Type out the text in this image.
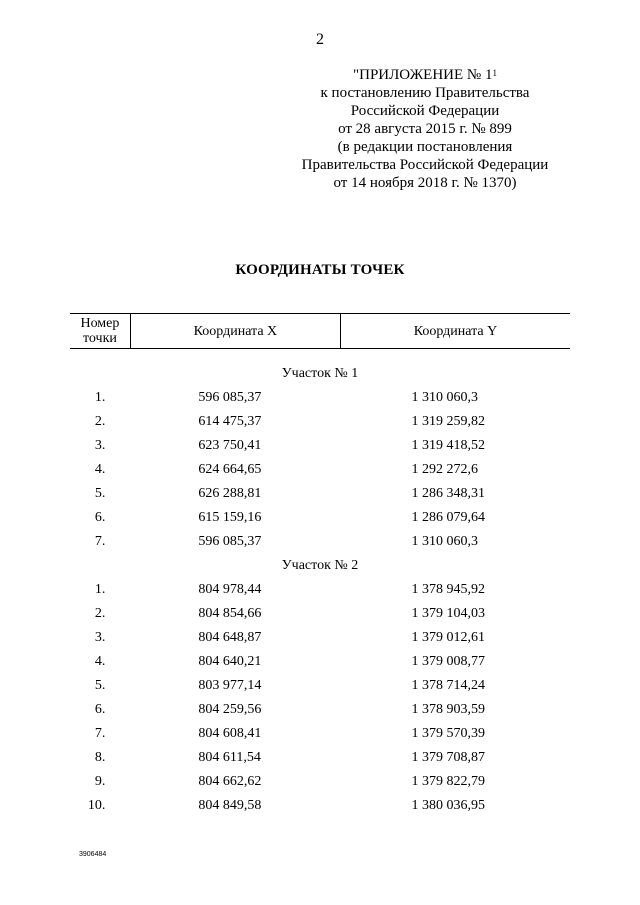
2
"ПРИЛОЖЕНИЕ № $1^1$
к постановлению Правительства
Российской Федерации
от 28 августа 2015 г. № 899
(в редакции постановления
Правительства Российской Федерации
от 14 ноября 2018 г. № 1370)
КООРДИНАТЫ ТОЧЕК
Номер
точки	Координата X	Координата Y

Участок № 1		
1.	596 085,37	1 310 060,3
2.	614 475,37	1 319 259,82
3.	623 750,41	1 319 418,52
4.	624 664,65	1 292 272,6
5.	626 288,81	1 286 348,31
6.	615 159,16	1 286 079,64
7.	596 085,37	1 310 060,3
Участок № 2		
1.	804 978,44	1 378 945,92
2.	804 854,66	1 379 104,03
3.	804 648,87	1 379 012,61
4.	804 640,21	1 379 008,77
5.	803 977,14	1 378 714,24
6.	804 259,56	1 378 903,59
7.	804 608,41	1 379 570,39
8.	804 611,54	1 379 708,87
9.	804 662,62	1 379 822,79
10.	804 849,58	1 380 036,95
3906484
